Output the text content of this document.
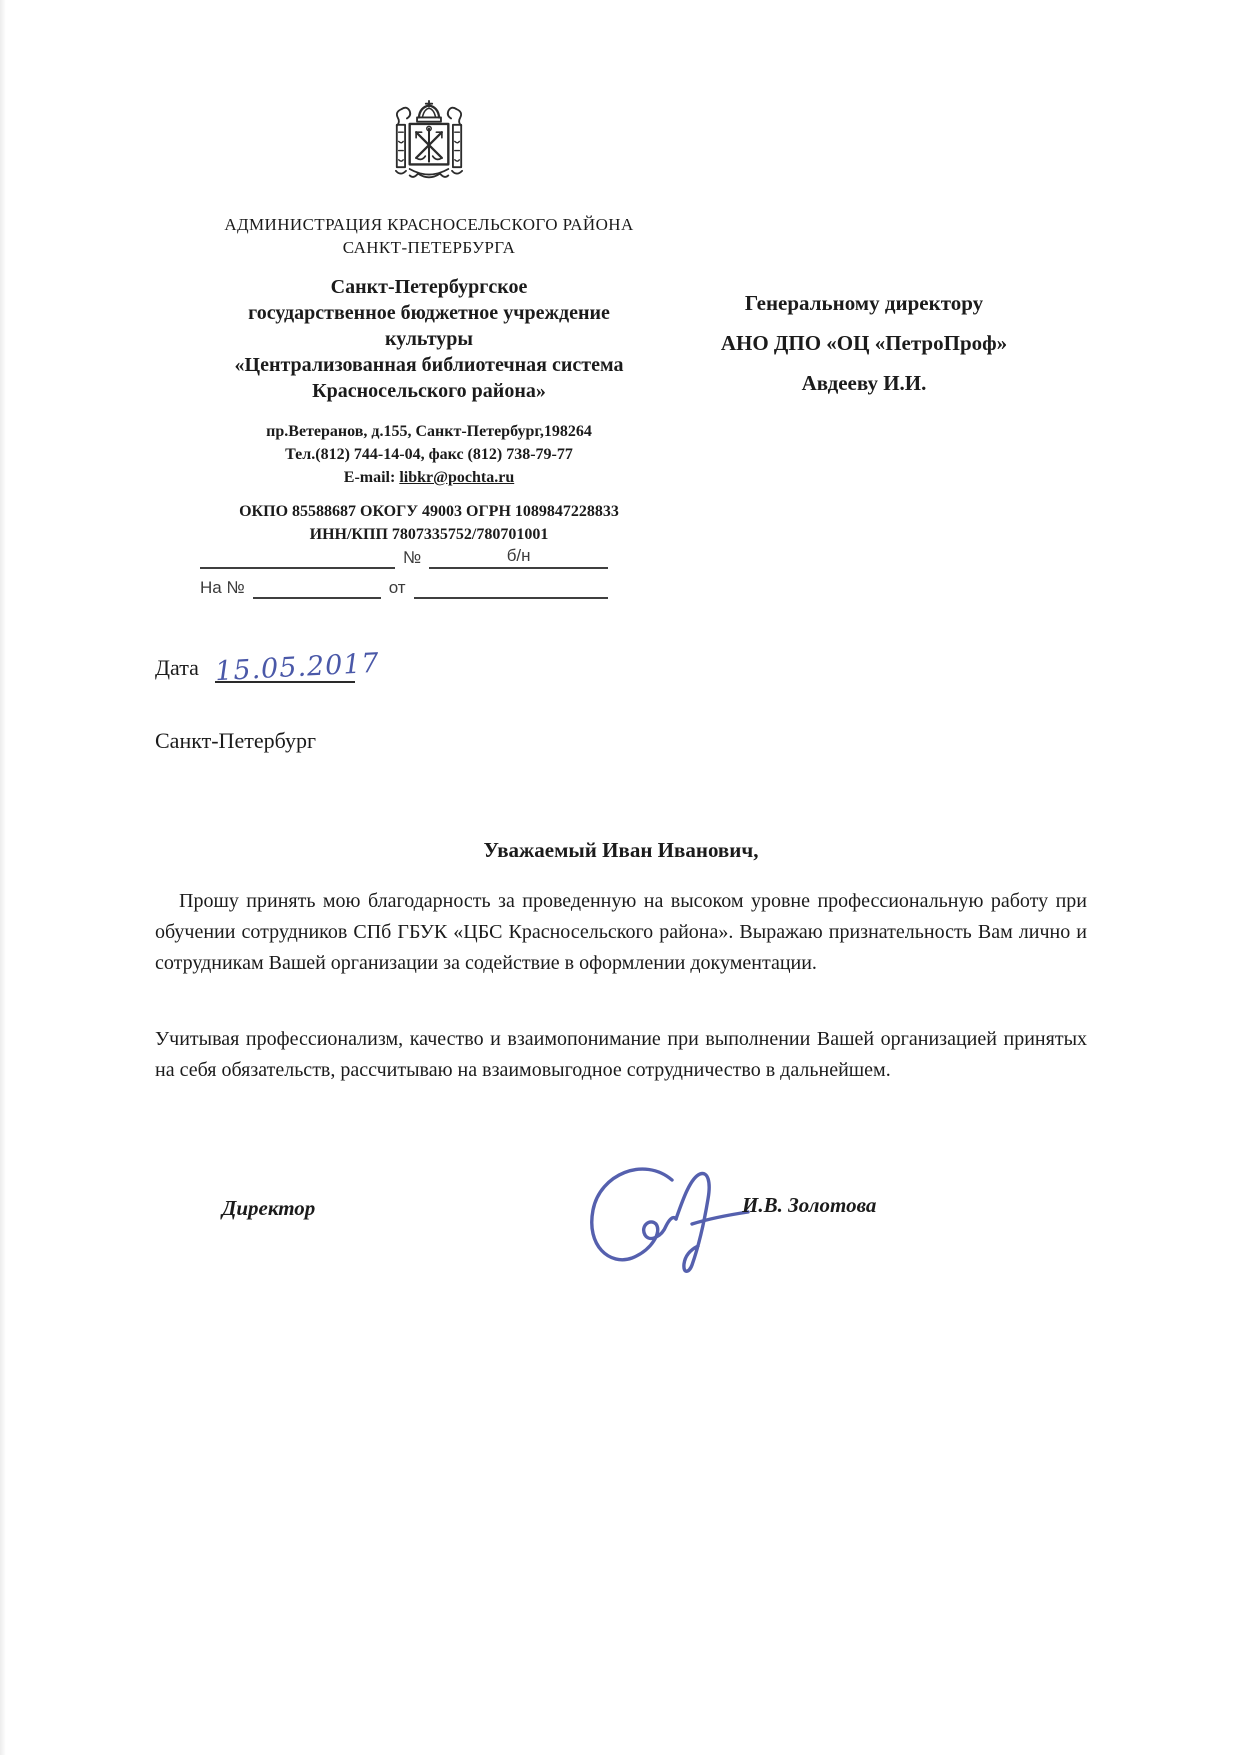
АДМИНИСТРАЦИЯ КРАСНОСЕЛЬСКОГО РАЙОНА
САНКТ-ПЕТЕРБУРГА
Санкт-Петербургское
государственное бюджетное учреждение
культуры
«Централизованная библиотечная система
Красносельского района»
пр.Ветеранов, д.155, Санкт-Петербург,198264
Тел.(812) 744-14-04, факс (812) 738-79-77
E-mail: libkr@pochta.ru
ОКПО 85588687 ОКОГУ 49003 ОГРН 1089847228833
ИНН/КПП 7807335752/780701001
Генеральному директору
АНО ДПО «ОЦ «ПетроПроф»
Авдееву И.И.
№	б/н
На №	от
Дата 15.05.2017
Санкт-Петербург
Уважаемый Иван Иванович,
Прошу принять мою благодарность за проведенную на высоком уровне профессиональную работу при обучении сотрудников СПб ГБУК «ЦБС Красносельского района». Выражаю признательность Вам лично и сотрудникам Вашей организации за содействие в оформлении документации.
Учитывая профессионализм, качество и взаимопонимание при выполнении Вашей организацией принятых на себя обязательств, рассчитываю на взаимовыгодное сотрудничество в дальнейшем.
Директор	И.В. Золотова
